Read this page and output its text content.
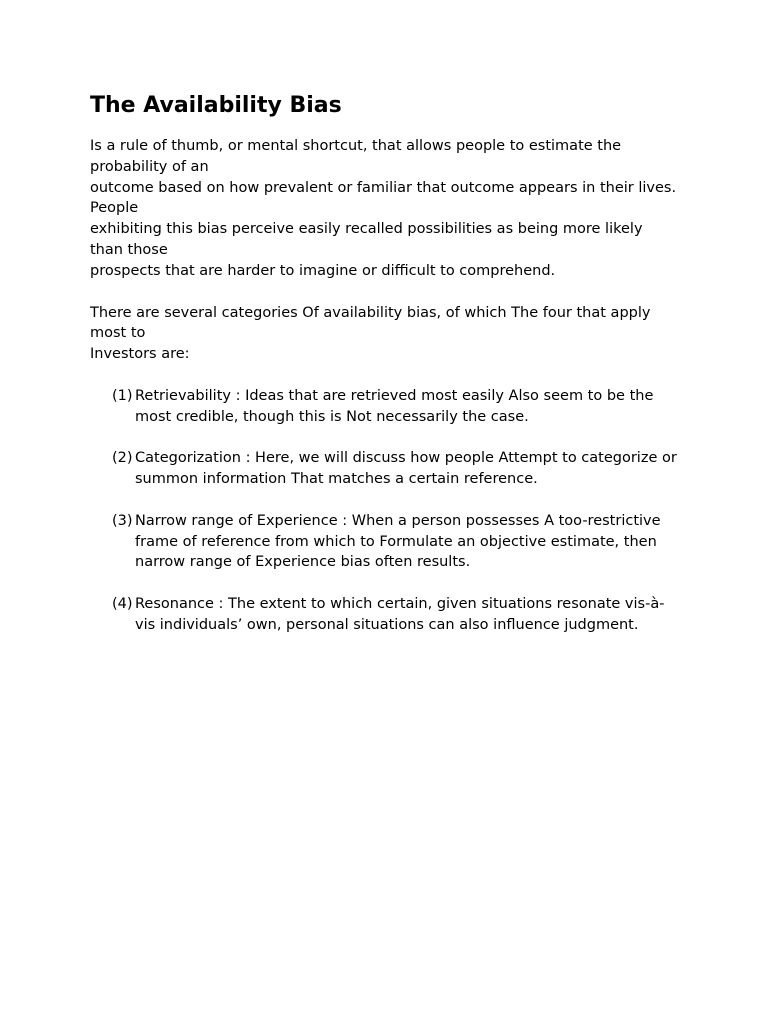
The Availability Bias

Is a rule of thumb, or mental shortcut, that allows people to estimate the probability of an
outcome based on how prevalent or familiar that outcome appears in their lives. People
exhibiting this bias perceive easily recalled possibilities as being more likely than those
prospects that are harder to imagine or difficult to comprehend.

There are several categories Of availability bias, of which The four that apply most to
Investors are:

(1) Retrievability : Ideas that are retrieved most easily Also seem to be the most credible, though this is Not necessarily the case.
(2) Categorization : Here, we will discuss how people Attempt to categorize or summon information That matches a certain reference.
(3) Narrow range of Experience : When a person possesses A too-restrictive frame of reference from which to Formulate an objective estimate, then narrow range of Experience bias often results.
(4) Resonance : The extent to which certain, given situations resonate vis-à-vis individuals’ own, personal situations can also influence judgment.
